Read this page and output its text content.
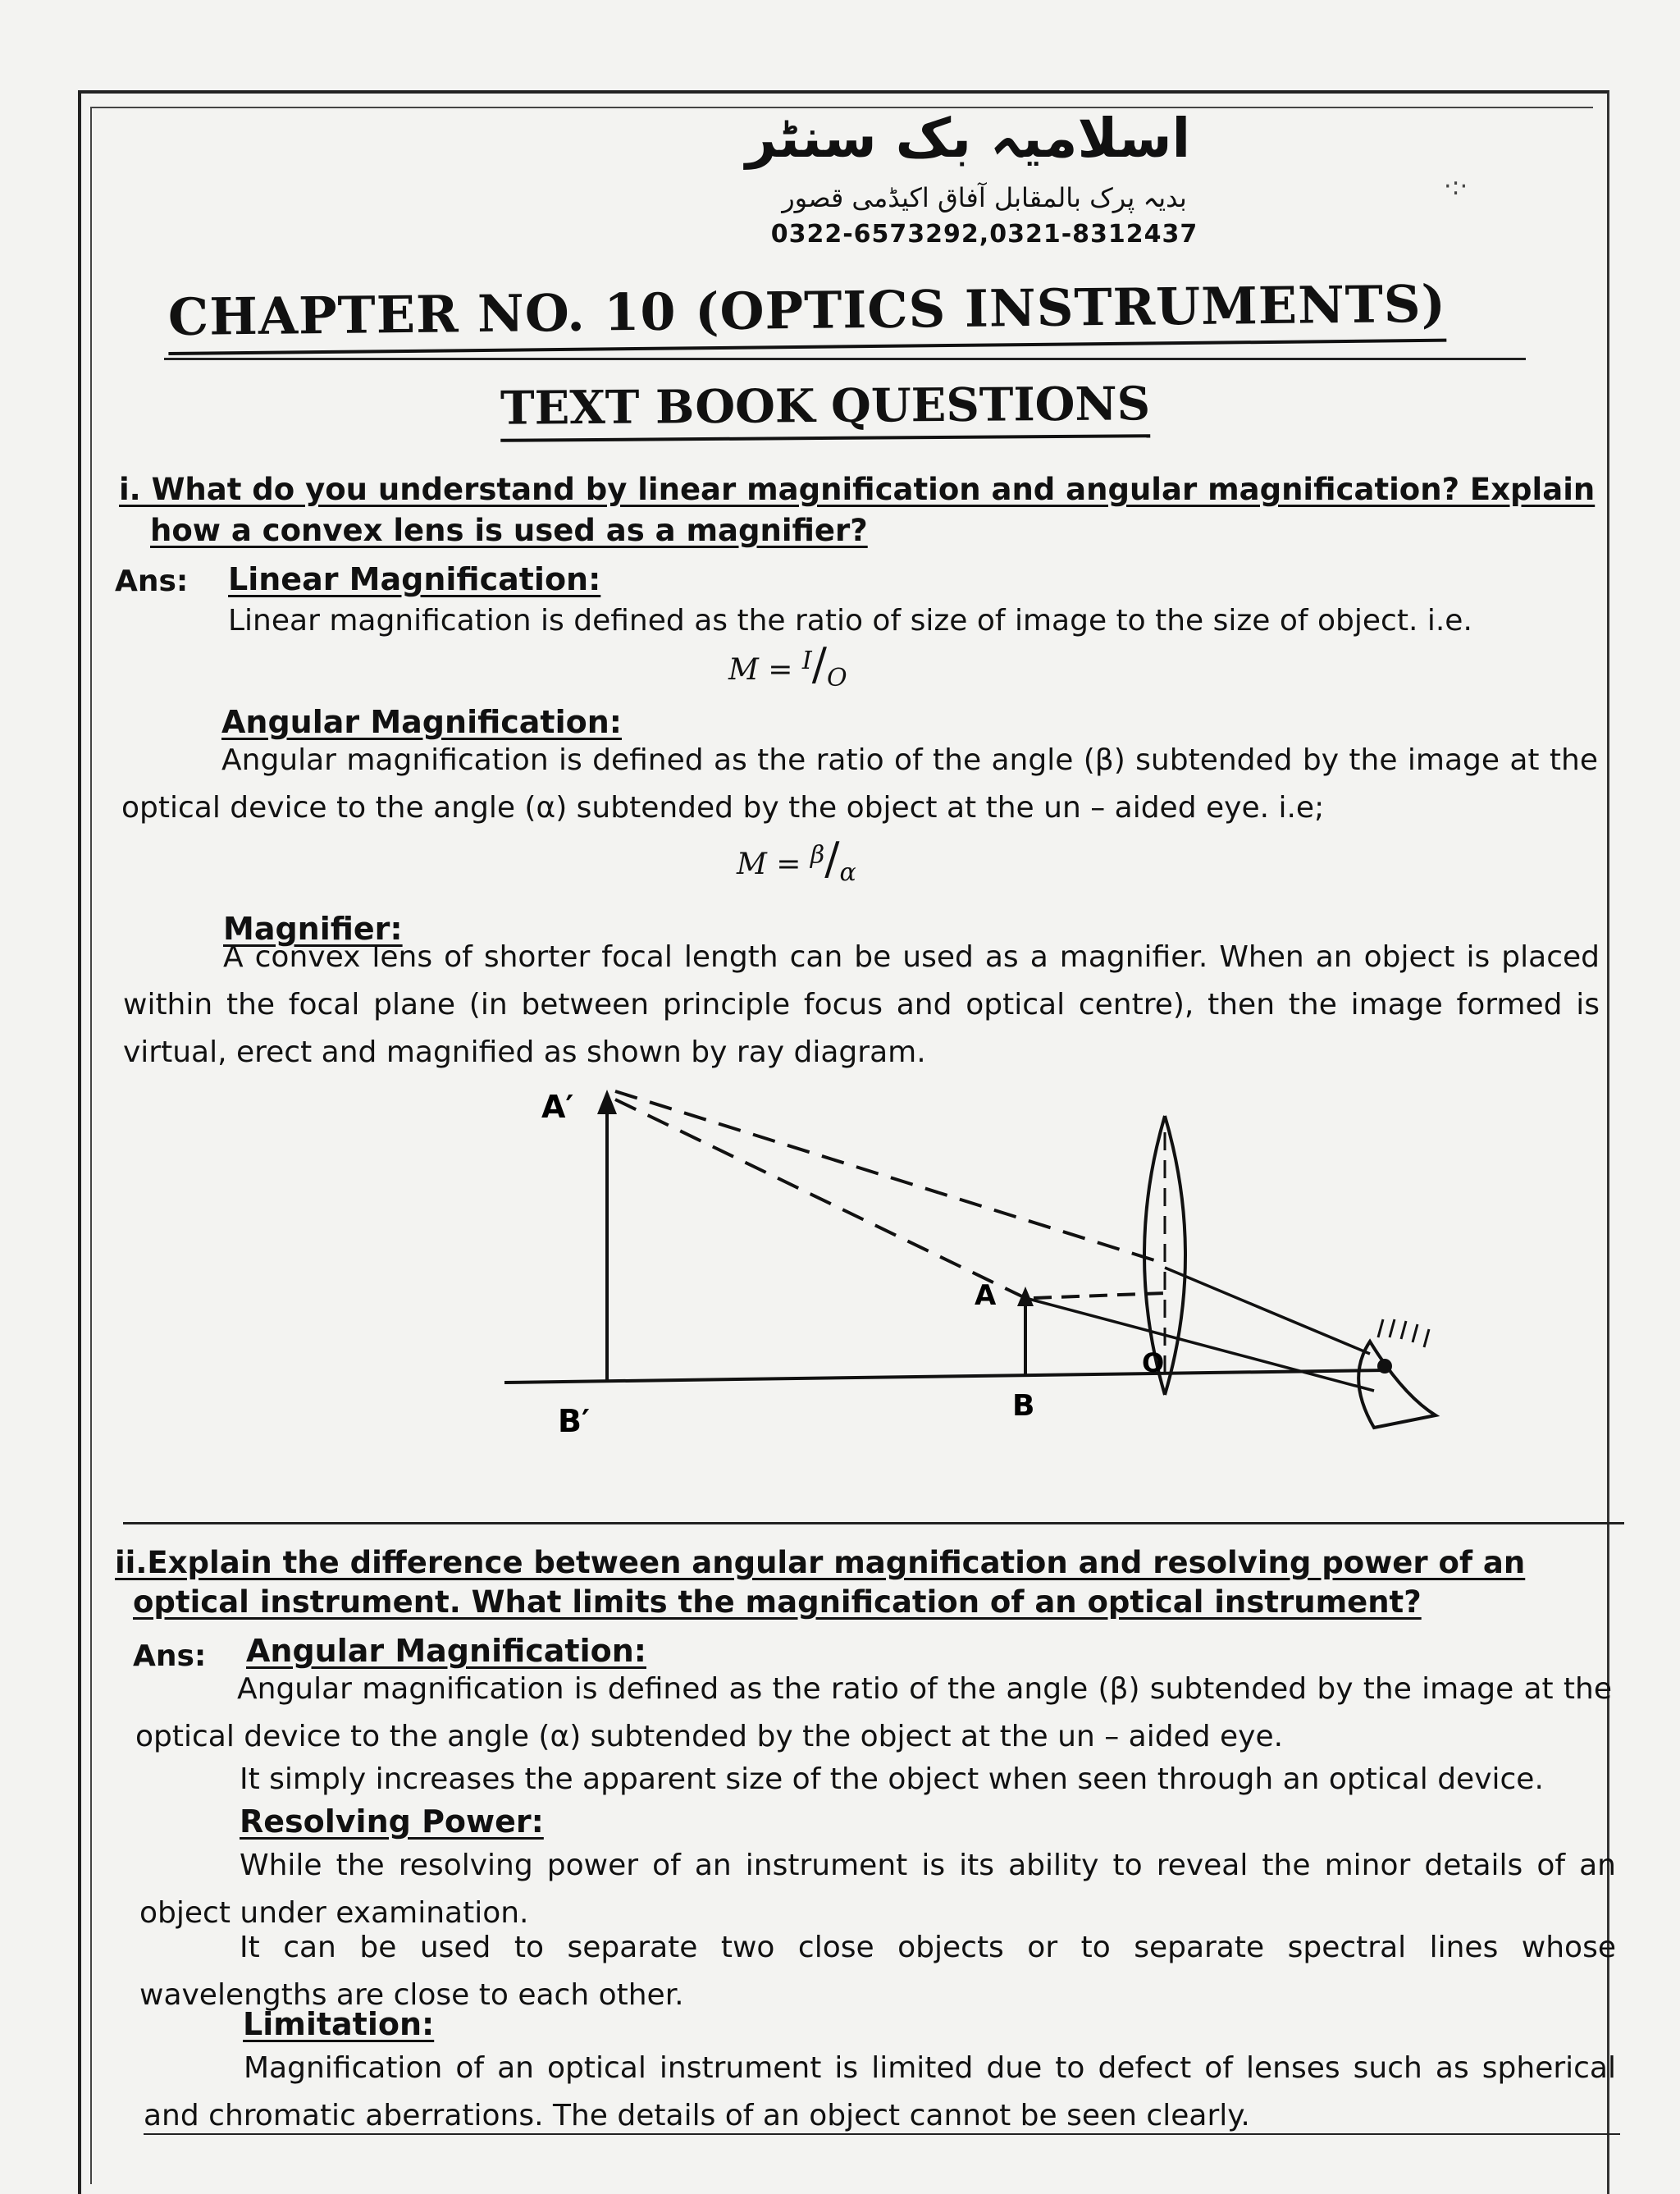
اسلامیہ بک سنٹر
بدیہ پرک بالمقابل آفاق اکیڈمی قصور
0322-6573292,0321-8312437
·:·
CHAPTER NO. 10 (OPTICS INSTRUMENTS)
TEXT BOOK QUESTIONS
i. What do you understand by linear magnification and angular magnification? Explain
how a convex lens is used as a magnifier?
Ans: Linear Magnification:
Linear magnification is defined as the ratio of size of image to the size of object. i.e.
$M = ^I/_O$
Angular Magnification:
Angular magnification is defined as the ratio of the angle (β) subtended by the image at the optical device to the angle (α) subtended by the object at the un – aided eye. i.e;
$M = ^\beta/_\alpha$
Magnifier:
A convex lens of shorter focal length can be used as a magnifier. When an object is placed within the focal plane (in between principle focus and optical centre), then the image formed is virtual, erect and magnified as shown by ray diagram.
A′
B′
A
B
O
ii.Explain the difference between angular magnification and resolving power of an
optical instrument. What limits the magnification of an optical instrument?
Ans: Angular Magnification:
Angular magnification is defined as the ratio of the angle (β) subtended by the image at the optical device to the angle (α) subtended by the object at the un – aided eye.
It simply increases the apparent size of the object when seen through an optical device.
Resolving Power:
While the resolving power of an instrument is its ability to reveal the minor details of an object under examination.
It can be used to separate two close objects or to separate spectral lines whose wavelengths are close to each other.
Limitation:
Magnification of an optical instrument is limited due to defect of lenses such as spherical and chromatic aberrations. The details of an object cannot be seen clearly.
